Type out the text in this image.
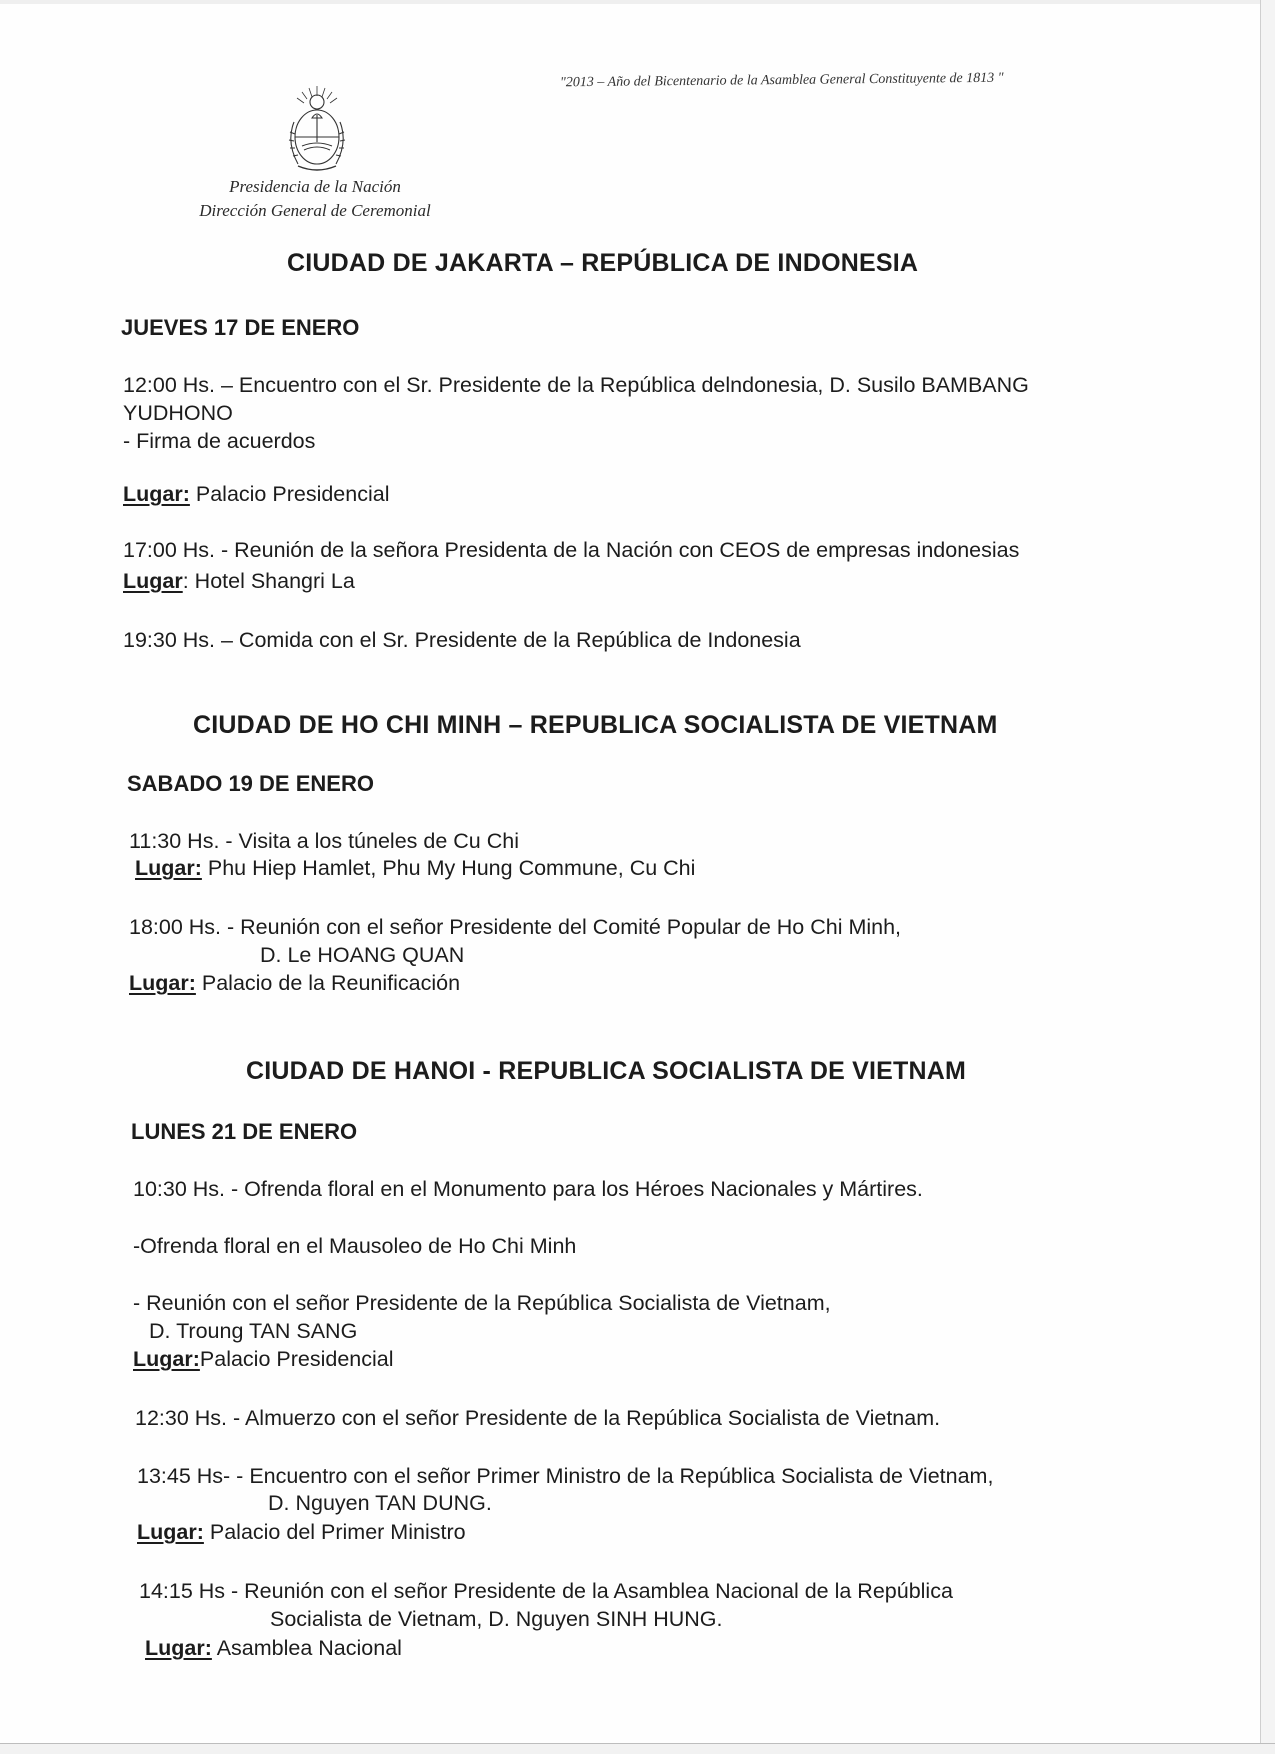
"2013 – Año del Bicentenario de la Asamblea General Constituyente de 1813 "
Presidencia de la Nación
Dirección General de Ceremonial
CIUDAD DE JAKARTA – REPÚBLICA DE INDONESIA
JUEVES 17 DE ENERO
12:00 Hs. – Encuentro con el Sr. Presidente de la República delndonesia, D. Susilo BAMBANG
YUDHONO
- Firma de acuerdos
Lugar: Palacio Presidencial
17:00 Hs. - Reunión de la señora Presidenta de la Nación con CEOS de empresas indonesias
Lugar: Hotel Shangri La
19:30 Hs. – Comida con el Sr. Presidente de la República de Indonesia
CIUDAD DE HO CHI MINH – REPUBLICA SOCIALISTA DE VIETNAM
SABADO 19 DE ENERO
11:30 Hs. - Visita a los túneles de Cu Chi
Lugar: Phu Hiep Hamlet, Phu My Hung Commune, Cu Chi
18:00 Hs. - Reunión con el señor Presidente del Comité Popular de Ho Chi Minh,
D. Le HOANG QUAN
Lugar: Palacio de la Reunificación
CIUDAD DE HANOI - REPUBLICA SOCIALISTA DE VIETNAM
LUNES 21 DE ENERO
10:30 Hs. - Ofrenda floral en el Monumento para los Héroes Nacionales y Mártires.
-Ofrenda floral en el Mausoleo de Ho Chi Minh
- Reunión con el señor Presidente de la República Socialista de Vietnam,
D. Troung TAN SANG
Lugar:Palacio Presidencial
12:30 Hs. - Almuerzo con el señor Presidente de la República Socialista de Vietnam.
13:45 Hs- - Encuentro con el señor Primer Ministro de la República Socialista de Vietnam,
D. Nguyen TAN DUNG.
Lugar: Palacio del Primer Ministro
14:15 Hs - Reunión con el señor Presidente de la Asamblea Nacional de la República
Socialista de Vietnam, D. Nguyen SINH HUNG.
Lugar: Asamblea Nacional
